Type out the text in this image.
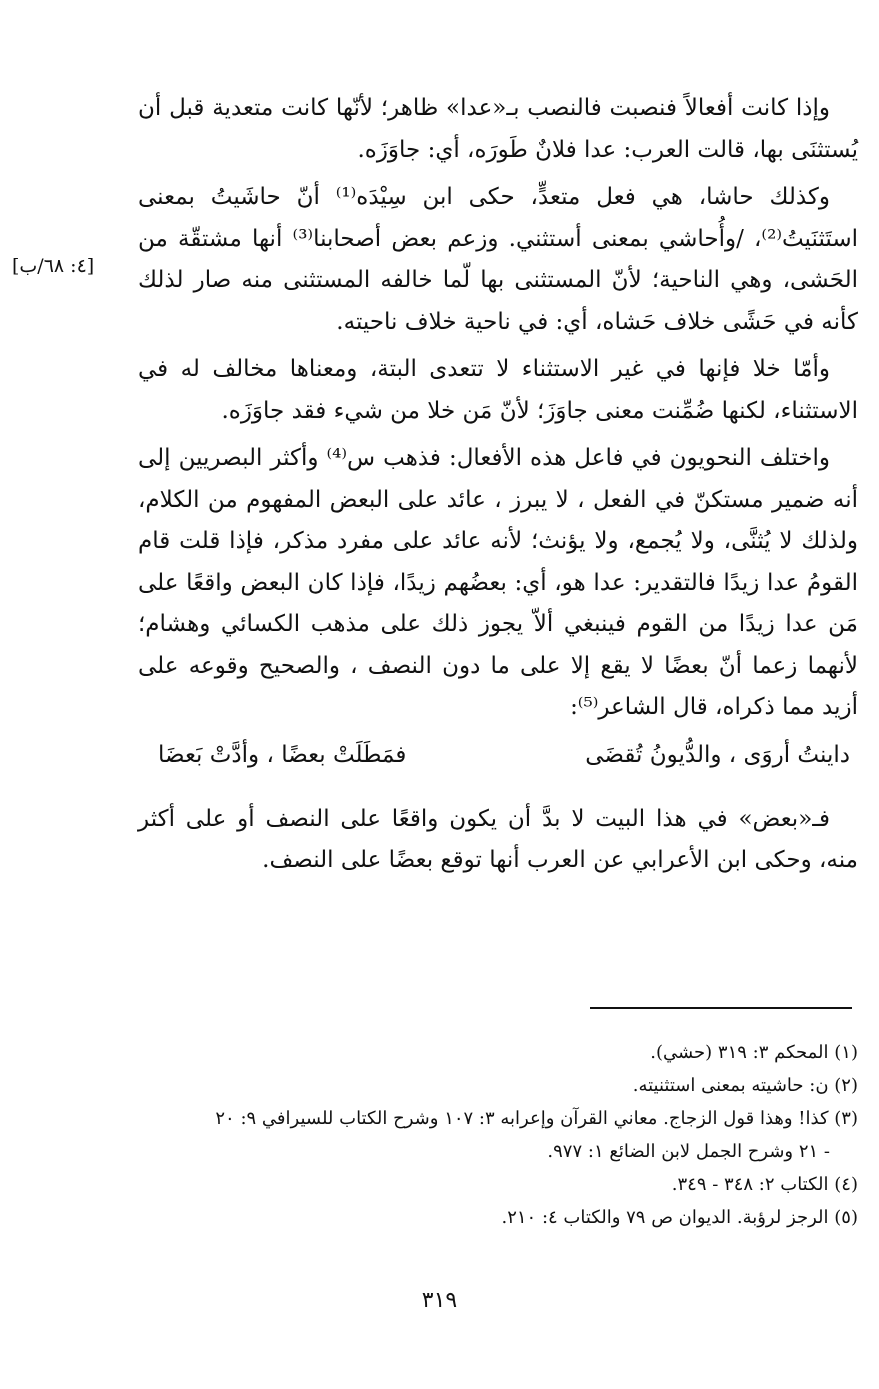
[٤: ٦٨/ب]

وإذا كانت أفعالاً فنصبت فالنصب بـ«عدا» ظاهر؛ لأنّها كانت متعدية قبل أن يُستثنَى بها، قالت العرب: عدا فلانٌ طَورَه، أي: جاوَزَه.

وكذلك حاشا، هي فعل متعدٍّ، حكى ابن سِيْدَه⁽¹⁾ أنّ حاشَيتُ بمعنى استَثنَيتُ⁽²⁾، /وأُحاشي بمعنى أستثني. وزعم بعض أصحابنا⁽³⁾ أنها مشتقّة من الحَشى، وهي الناحية؛ لأنّ المستثنى بها لّما خالفه المستثنى منه صار لذلك كأنه في حَشًى خلاف حَشاه، أي: في ناحية خلاف ناحيته.

وأمّا خلا فإنها في غير الاستثناء لا تتعدى البتة، ومعناها مخالف له في الاستثناء، لكنها ضُمِّنت معنى جاوَزَ؛ لأنّ مَن خلا من شيء فقد جاوَزَه.

واختلف النحويون في فاعل هذه الأفعال: فذهب س⁽⁴⁾ وأكثر البصريين إلى أنه ضمير مستكنّ في الفعل ، لا يبرز ، عائد على البعض المفهوم من الكلام، ولذلك لا يُثنَّى، ولا يُجمع، ولا يؤنث؛ لأنه عائد على مفرد مذكر، فإذا قلت قام القومُ عدا زيدًا فالتقدير: عدا هو، أي: بعضُهم زيدًا، فإذا كان البعض واقعًا على مَن عدا زيدًا من القوم فينبغي ألاّ يجوز ذلك على مذهب الكسائي وهشام؛ لأنهما زعما أنّ بعضًا لا يقع إلا على ما دون النصف ، والصحيح وقوعه على أزيد مما ذكراه، قال الشاعر⁽⁵⁾:

داينتُ أروَى ، والدُّيونُ تُقضَى
فمَطَلَتْ بعضًا ، وأدَّتْ بَعضَا

فـ«بعض» في هذا البيت لا بدَّ أن يكون واقعًا على النصف أو على أكثر منه، وحكى ابن الأعرابي عن العرب أنها توقع بعضًا على النصف.

(١) المحكم ٣: ٣١٩ (حشي).

(٢) ن: حاشيته بمعنى استثنيته.

(٣) كذا! وهذا قول الزجاج. معاني القرآن وإعرابه ٣: ١٠٧ وشرح الكتاب للسيرافي ٩: ٢٠

- ٢١ وشرح الجمل لابن الضائع ١: ٩٧٧.

(٤) الكتاب ٢: ٣٤٨ - ٣٤٩.

(٥) الرجز لرؤبة. الديوان ص ٧٩ والكتاب ٤: ٢١٠.

٣١٩
